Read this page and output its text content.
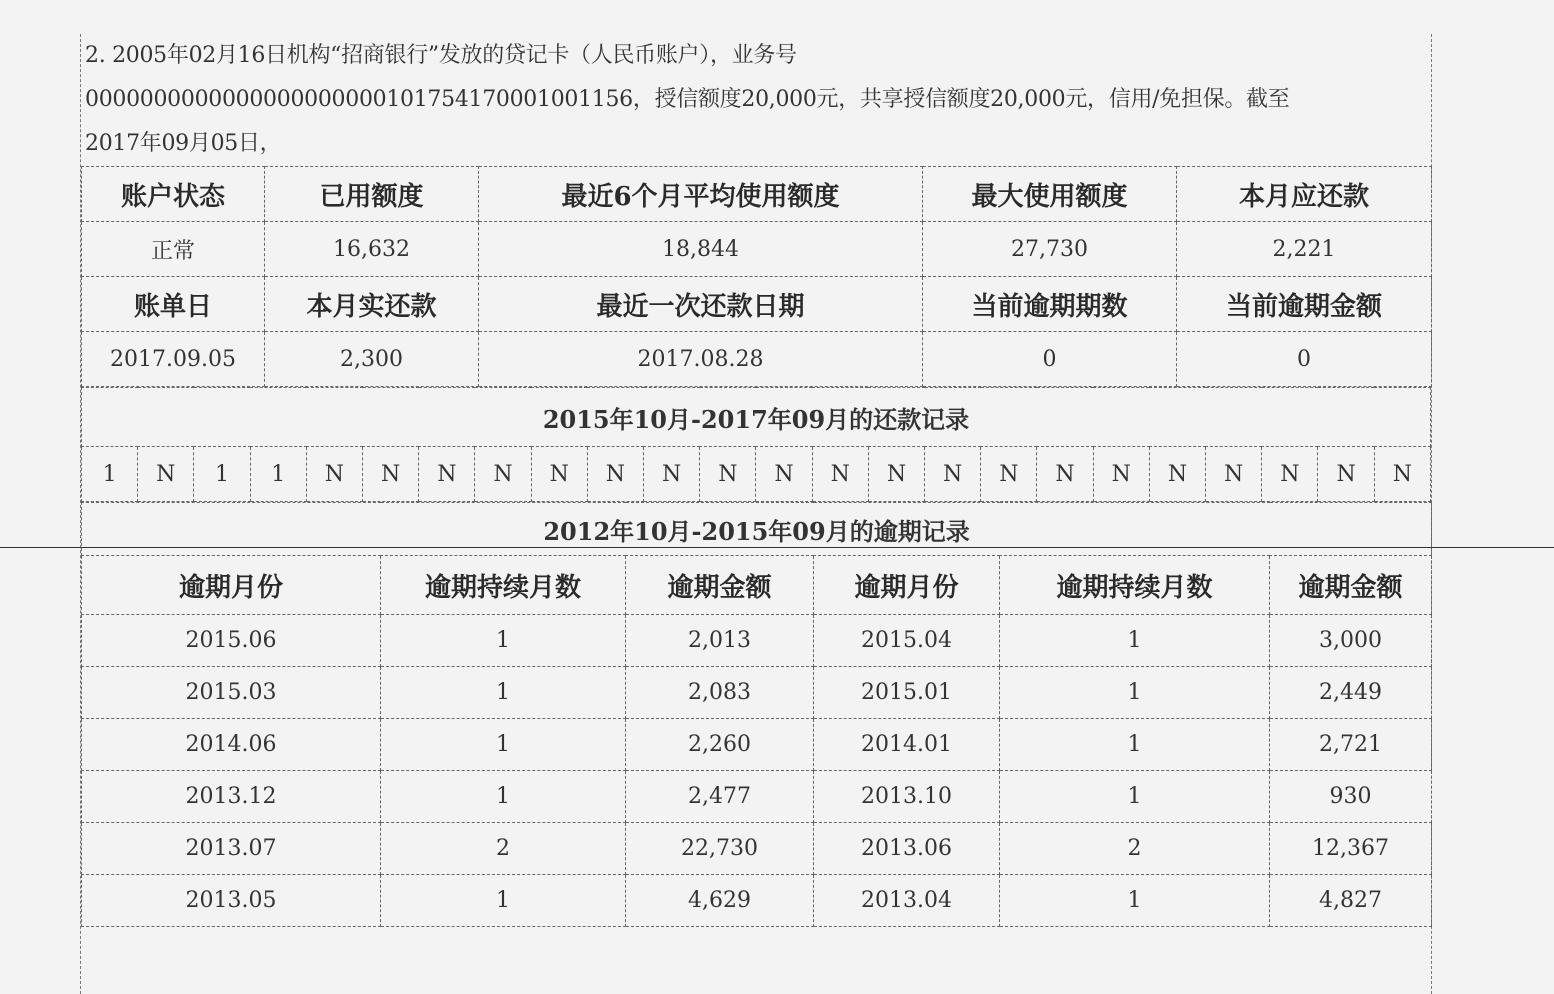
2. 2005年02月16日机构“招商银行”发放的贷记卡（人民币账户），业务号
0000000000000000000000101754170001001156，授信额度20,000元，共享授信额度20,000元，信用/免担保。截至
2017年09月05日，
账户状态	已用额度	最近6个月平均使用额度	最大使用额度	本月应还款
正常	16,632	18,844	27,730	2,221
账单日	本月实还款	最近一次还款日期	当前逾期期数	当前逾期金额
2017.09.05	2,300	2017.08.28	0	0
2015年10月-2017年09月的还款记录
1	N	1	1	N	N	N	N	N	N	N	N	N	N	N	N	N	N	N	N	N	N	N	N
2012年10月-2015年09月的逾期记录					
逾期月份	逾期持续月数	逾期金额	逾期月份	逾期持续月数	逾期金额
2015.06	1	2,013	2015.04	1	3,000
2015.03	1	2,083	2015.01	1	2,449
2014.06	1	2,260	2014.01	1	2,721
2013.12	1	2,477	2013.10	1	930
2013.07	2	22,730	2013.06	2	12,367
2013.05	1	4,629	2013.04	1	4,827
